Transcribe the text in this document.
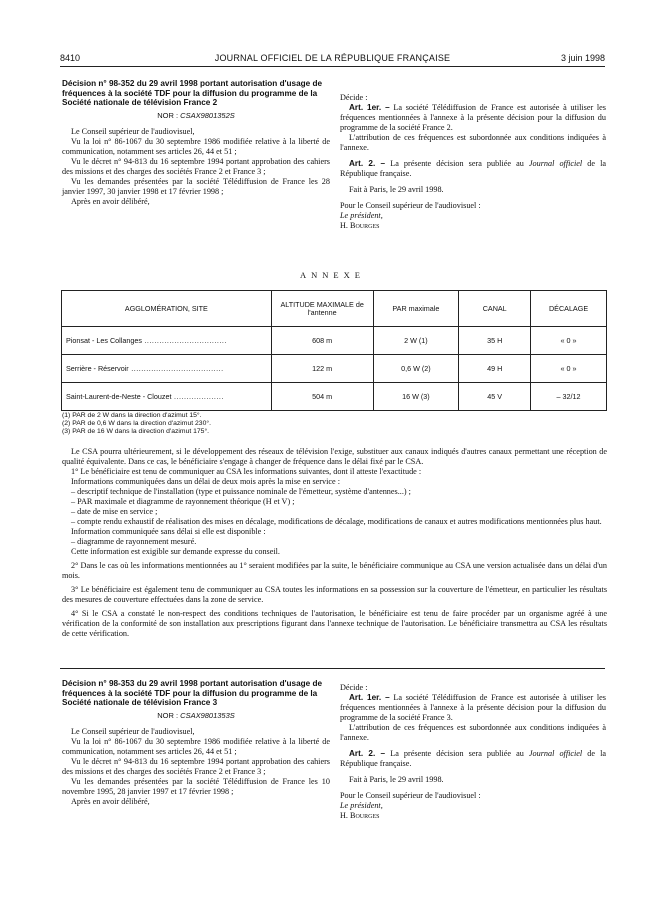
8410	JOURNAL OFFICIEL DE LA RÉPUBLIQUE FRANÇAISE	3 juin 1998
Décision n° 98-352 du 29 avril 1998 portant autorisation d'usage de fréquences à la société TDF pour la diffusion du programme de la Société nationale de télévision France 2
NOR : CSAX9801352S

Le Conseil supérieur de l'audiovisuel,

Vu la loi n° 86-1067 du 30 septembre 1986 modifiée relative à la liberté de communication, notamment ses articles 26, 44 et 51 ;

Vu le décret n° 94-813 du 16 septembre 1994 portant approbation des cahiers des missions et des charges des sociétés France 2 et France 3 ;

Vu les demandes présentées par la société Télédiffusion de France les 28 janvier 1997, 30 janvier 1998 et 17 février 1998 ;

Après en avoir délibéré,

Décide :

Art. 1er. – La société Télédiffusion de France est autorisée à utiliser les fréquences mentionnées à l'annexe à la présente décision pour la diffusion du programme de la société France 2.

L'attribution de ces fréquences est subordonnée aux conditions indiquées à l'annexe.

Art. 2. – La présente décision sera publiée au Journal officiel de la République française.

Fait à Paris, le 29 avril 1998.

Pour le Conseil supérieur de l'audiovisuel :

Le président,

H. Bourges

ANNEXE
AGGLOMÉRATION, SITE	ALTITUDE MAXIMALE de l'antenne	PAR maximale	CANAL	DÉCALAGE
Pionsat - Les Collanges .................................	608 m	2 W (1)	35 H	« 0 »
Serrière - Réservoir .....................................	122 m	0,6 W (2)	49 H	« 0 »
Saint-Laurent-de-Neste - Clouzet ....................	504 m	16 W (3)	45 V	– 32/12
(1) PAR de 2 W dans la direction d'azimut 15°.
(2) PAR de 0,6 W dans la direction d'azimut 230°.
(3) PAR de 16 W dans la direction d'azimut 175°.

Le CSA pourra ultérieurement, si le développement des réseaux de télévision l'exige, substituer aux canaux indiqués d'autres canaux permettant une réception de qualité équivalente. Dans ce cas, le bénéficiaire s'engage à changer de fréquence dans le délai fixé par le CSA.

1° Le bénéficiaire est tenu de communiquer au CSA les informations suivantes, dont il atteste l'exactitude :

Informations communiquées dans un délai de deux mois après la mise en service :

– descriptif technique de l'installation (type et puissance nominale de l'émetteur, système d'antennes...) ;

– PAR maximale et diagramme de rayonnement théorique (H et V) ;

– date de mise en service ;

– compte rendu exhaustif de réalisation des mises en décalage, modifications de décalage, modifications de canaux et autres modifications mentionnées plus haut.

Information communiquée sans délai si elle est disponible :

– diagramme de rayonnement mesuré.

Cette information est exigible sur demande expresse du conseil.

2° Dans le cas où les informations mentionnées au 1° seraient modifiées par la suite, le bénéficiaire communique au CSA une version actualisée dans un délai d'un mois.

3° Le bénéficiaire est également tenu de communiquer au CSA toutes les informations en sa possession sur la couverture de l'émetteur, en particulier les résultats des mesures de couverture effectuées dans la zone de service.

4° Si le CSA a constaté le non-respect des conditions techniques de l'autorisation, le bénéficiaire est tenu de faire procéder par un organisme agréé à une vérification de la conformité de son installation aux prescriptions figurant dans l'annexe technique de l'autorisation. Le bénéficiaire transmettra au CSA les résultats de cette vérification.

Décision n° 98-353 du 29 avril 1998 portant autorisation d'usage de fréquences à la société TDF pour la diffusion du programme de la Société nationale de télévision France 3
NOR : CSAX9801353S

Le Conseil supérieur de l'audiovisuel,

Vu la loi n° 86-1067 du 30 septembre 1986 modifiée relative à la liberté de communication, notamment ses articles 26, 44 et 51 ;

Vu le décret n° 94-813 du 16 septembre 1994 portant approbation des cahiers des missions et des charges des sociétés France 2 et France 3 ;

Vu les demandes présentées par la société Télédiffusion de France les 10 novembre 1995, 28 janvier 1997 et 17 février 1998 ;

Après en avoir délibéré,

Décide :

Art. 1er. – La société Télédiffusion de France est autorisée à utiliser les fréquences mentionnées à l'annexe à la présente décision pour la diffusion du programme de la société France 3.

L'attribution de ces fréquences est subordonnée aux conditions indiquées à l'annexe.

Art. 2. – La présente décision sera publiée au Journal officiel de la République française.

Fait à Paris, le 29 avril 1998.

Pour le Conseil supérieur de l'audiovisuel :

Le président,

H. Bourges
